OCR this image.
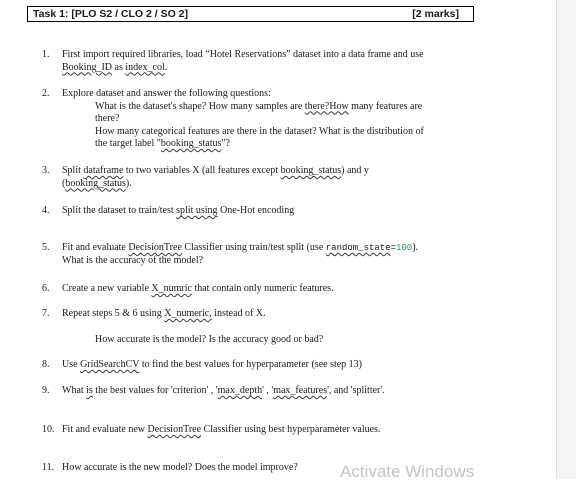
Task 1: [PLO S2 / CLO 2 / SO 2]	[2 marks]
1. First import required libraries, load “Hotel Reservations” dataset into a data frame and use
Booking_ID as index_col.
2. Explore dataset and answer the following questions:

What is the dataset's shape? How many samples are there?How many features are
there?
How many categorical features are there in the dataset? What is the distribution of
the target label "booking_status"?
3. Split dataframe to two variables X (all features except booking_status) and y
(booking_status).
4. Split the dataset to train/test split using One-Hot encoding
5. Fit and evaluate DecisionTree Classifier using train/test split (use random_state=100).
What is the accuracy of the model?
6. Create a new variable X_numric that contain only numeric features.
7. Repeat steps 5 & 6 using X_numeric, instead of X.
How accurate is the model? Is the accuracy good or bad?
8. Use GridSearchCV to find the best values for hyperparameter (see step 13)
9. What is the best values for 'criterion' , 'max_depth' , 'max_features', and 'splitter'.
10. Fit and evaluate new DecisionTree Classifier using best hyperparameter values.
11. How accurate is the new model? Does the model improve?	Activate Windows
